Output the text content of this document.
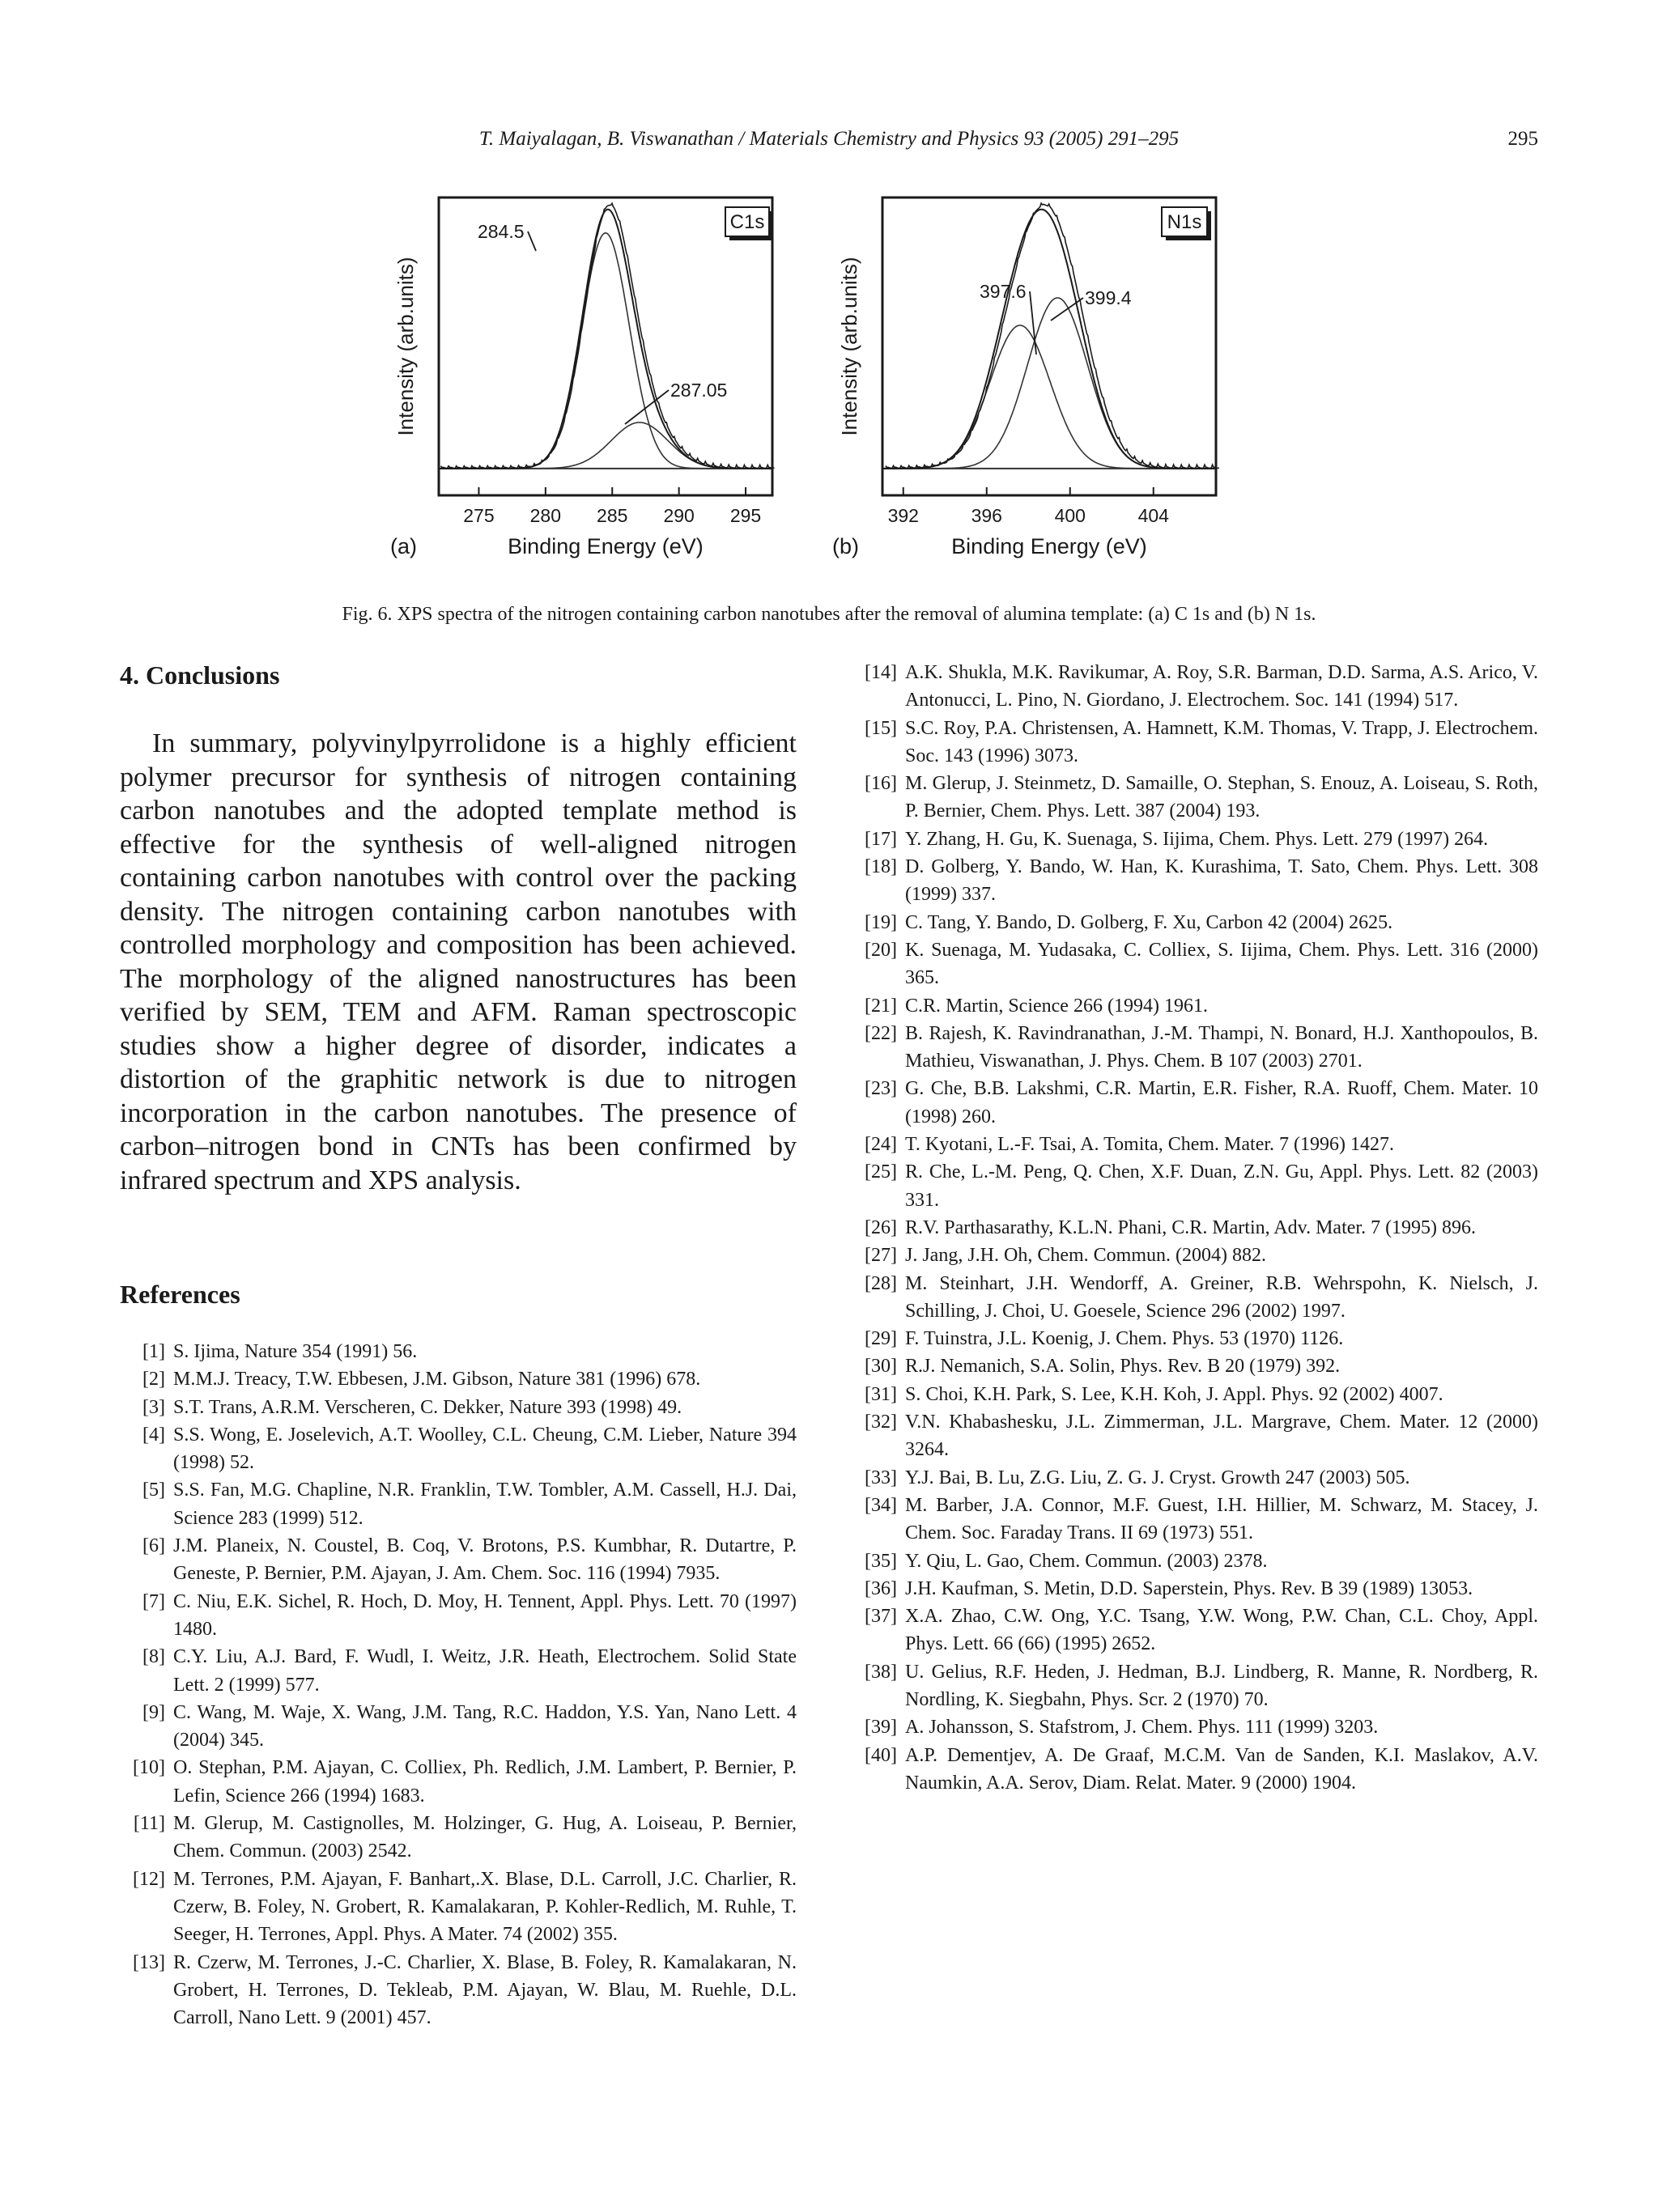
T. Maiyalagan, B. Viswanathan / Materials Chemistry and Physics 93 (2005) 291–295	295
C1s
275 280 285 290 295
Binding Energy (eV)
Intensity (arb.units)
(a)
284.5
287.05
N1s
392	396	400	404
Binding Energy (eV)
Intensity (arb.units)
(b)
397.6	399.4
Fig. 6. XPS spectra of the nitrogen containing carbon nanotubes after the removal of alumina template: (a) C 1s and (b) N 1s.
4. Conclusions

In summary, polyvinylpyrrolidone is a highly efficient polymer precursor for synthesis of nitrogen containing carbon nanotubes and the adopted template method is effective for the synthesis of well-aligned nitrogen containing carbon nanotubes with control over the packing density. The nitrogen containing carbon nanotubes with controlled morphology and composition has been achieved. The morphology of the aligned nanostructures has been verified by SEM, TEM and AFM. Raman spectroscopic studies show a higher degree of disorder, indicates a distortion of the graphitic network is due to nitrogen incorporation in the carbon nanotubes. The presence of carbon–nitrogen bond in CNTs has been confirmed by infrared spectrum and XPS analysis.

References
[1] S. Ijima, Nature 354 (1991) 56.
[2] M.M.J. Treacy, T.W. Ebbesen, J.M. Gibson, Nature 381 (1996) 678.
[3] S.T. Trans, A.R.M. Verscheren, C. Dekker, Nature 393 (1998) 49.
[4] S.S. Wong, E. Joselevich, A.T. Woolley, C.L. Cheung, C.M. Lieber, Nature 394 (1998) 52.
[5] S.S. Fan, M.G. Chapline, N.R. Franklin, T.W. Tombler, A.M. Cassell, H.J. Dai, Science 283 (1999) 512.
[6] J.M. Planeix, N. Coustel, B. Coq, V. Brotons, P.S. Kumbhar, R. Dutartre, P. Geneste, P. Bernier, P.M. Ajayan, J. Am. Chem. Soc. 116 (1994) 7935.
[7] C. Niu, E.K. Sichel, R. Hoch, D. Moy, H. Tennent, Appl. Phys. Lett. 70 (1997) 1480.
[8] C.Y. Liu, A.J. Bard, F. Wudl, I. Weitz, J.R. Heath, Electrochem. Solid State Lett. 2 (1999) 577.
[9] C. Wang, M. Waje, X. Wang, J.M. Tang, R.C. Haddon, Y.S. Yan, Nano Lett. 4 (2004) 345.
[10] O. Stephan, P.M. Ajayan, C. Colliex, Ph. Redlich, J.M. Lambert, P. Bernier, P. Lefin, Science 266 (1994) 1683.
[11] M. Glerup, M. Castignolles, M. Holzinger, G. Hug, A. Loiseau, P. Bernier, Chem. Commun. (2003) 2542.
[12] M. Terrones, P.M. Ajayan, F. Banhart,.X. Blase, D.L. Carroll, J.C. Charlier, R. Czerw, B. Foley, N. Grobert, R. Kamalakaran, P. Kohler-Redlich, M. Ruhle, T. Seeger, H. Terrones, Appl. Phys. A Mater. 74 (2002) 355.
[13] R. Czerw, M. Terrones, J.-C. Charlier, X. Blase, B. Foley, R. Kamalakaran, N. Grobert, H. Terrones, D. Tekleab, P.M. Ajayan, W. Blau, M. Ruehle, D.L. Carroll, Nano Lett. 9 (2001) 457.
[14] A.K. Shukla, M.K. Ravikumar, A. Roy, S.R. Barman, D.D. Sarma, A.S. Arico, V. Antonucci, L. Pino, N. Giordano, J. Electrochem. Soc. 141 (1994) 517.
[15] S.C. Roy, P.A. Christensen, A. Hamnett, K.M. Thomas, V. Trapp, J. Electrochem. Soc. 143 (1996) 3073.
[16] M. Glerup, J. Steinmetz, D. Samaille, O. Stephan, S. Enouz, A. Loiseau, S. Roth, P. Bernier, Chem. Phys. Lett. 387 (2004) 193.
[17] Y. Zhang, H. Gu, K. Suenaga, S. Iijima, Chem. Phys. Lett. 279 (1997) 264.
[18] D. Golberg, Y. Bando, W. Han, K. Kurashima, T. Sato, Chem. Phys. Lett. 308 (1999) 337.
[19] C. Tang, Y. Bando, D. Golberg, F. Xu, Carbon 42 (2004) 2625.
[20] K. Suenaga, M. Yudasaka, C. Colliex, S. Iijima, Chem. Phys. Lett. 316 (2000) 365.
[21] C.R. Martin, Science 266 (1994) 1961.
[22] B. Rajesh, K. Ravindranathan, J.-M. Thampi, N. Bonard, H.J. Xanthopoulos, B. Mathieu, Viswanathan, J. Phys. Chem. B 107 (2003) 2701.
[23] G. Che, B.B. Lakshmi, C.R. Martin, E.R. Fisher, R.A. Ruoff, Chem. Mater. 10 (1998) 260.
[24] T. Kyotani, L.-F. Tsai, A. Tomita, Chem. Mater. 7 (1996) 1427.
[25] R. Che, L.-M. Peng, Q. Chen, X.F. Duan, Z.N. Gu, Appl. Phys. Lett. 82 (2003) 331.
[26] R.V. Parthasarathy, K.L.N. Phani, C.R. Martin, Adv. Mater. 7 (1995) 896.
[27] J. Jang, J.H. Oh, Chem. Commun. (2004) 882.
[28] M. Steinhart, J.H. Wendorff, A. Greiner, R.B. Wehrspohn, K. Nielsch, J. Schilling, J. Choi, U. Goesele, Science 296 (2002) 1997.
[29] F. Tuinstra, J.L. Koenig, J. Chem. Phys. 53 (1970) 1126.
[30] R.J. Nemanich, S.A. Solin, Phys. Rev. B 20 (1979) 392.
[31] S. Choi, K.H. Park, S. Lee, K.H. Koh, J. Appl. Phys. 92 (2002) 4007.
[32] V.N. Khabashesku, J.L. Zimmerman, J.L. Margrave, Chem. Mater. 12 (2000) 3264.
[33] Y.J. Bai, B. Lu, Z.G. Liu, Z. G. J. Cryst. Growth 247 (2003) 505.
[34] M. Barber, J.A. Connor, M.F. Guest, I.H. Hillier, M. Schwarz, M. Stacey, J. Chem. Soc. Faraday Trans. II 69 (1973) 551.
[35] Y. Qiu, L. Gao, Chem. Commun. (2003) 2378.
[36] J.H. Kaufman, S. Metin, D.D. Saperstein, Phys. Rev. B 39 (1989) 13053.
[37] X.A. Zhao, C.W. Ong, Y.C. Tsang, Y.W. Wong, P.W. Chan, C.L. Choy, Appl. Phys. Lett. 66 (66) (1995) 2652.
[38] U. Gelius, R.F. Heden, J. Hedman, B.J. Lindberg, R. Manne, R. Nordberg, R. Nordling, K. Siegbahn, Phys. Scr. 2 (1970) 70.
[39] A. Johansson, S. Stafstrom, J. Chem. Phys. 111 (1999) 3203.
[40] A.P. Dementjev, A. De Graaf, M.C.M. Van de Sanden, K.I. Maslakov, A.V. Naumkin, A.A. Serov, Diam. Relat. Mater. 9 (2000) 1904.
